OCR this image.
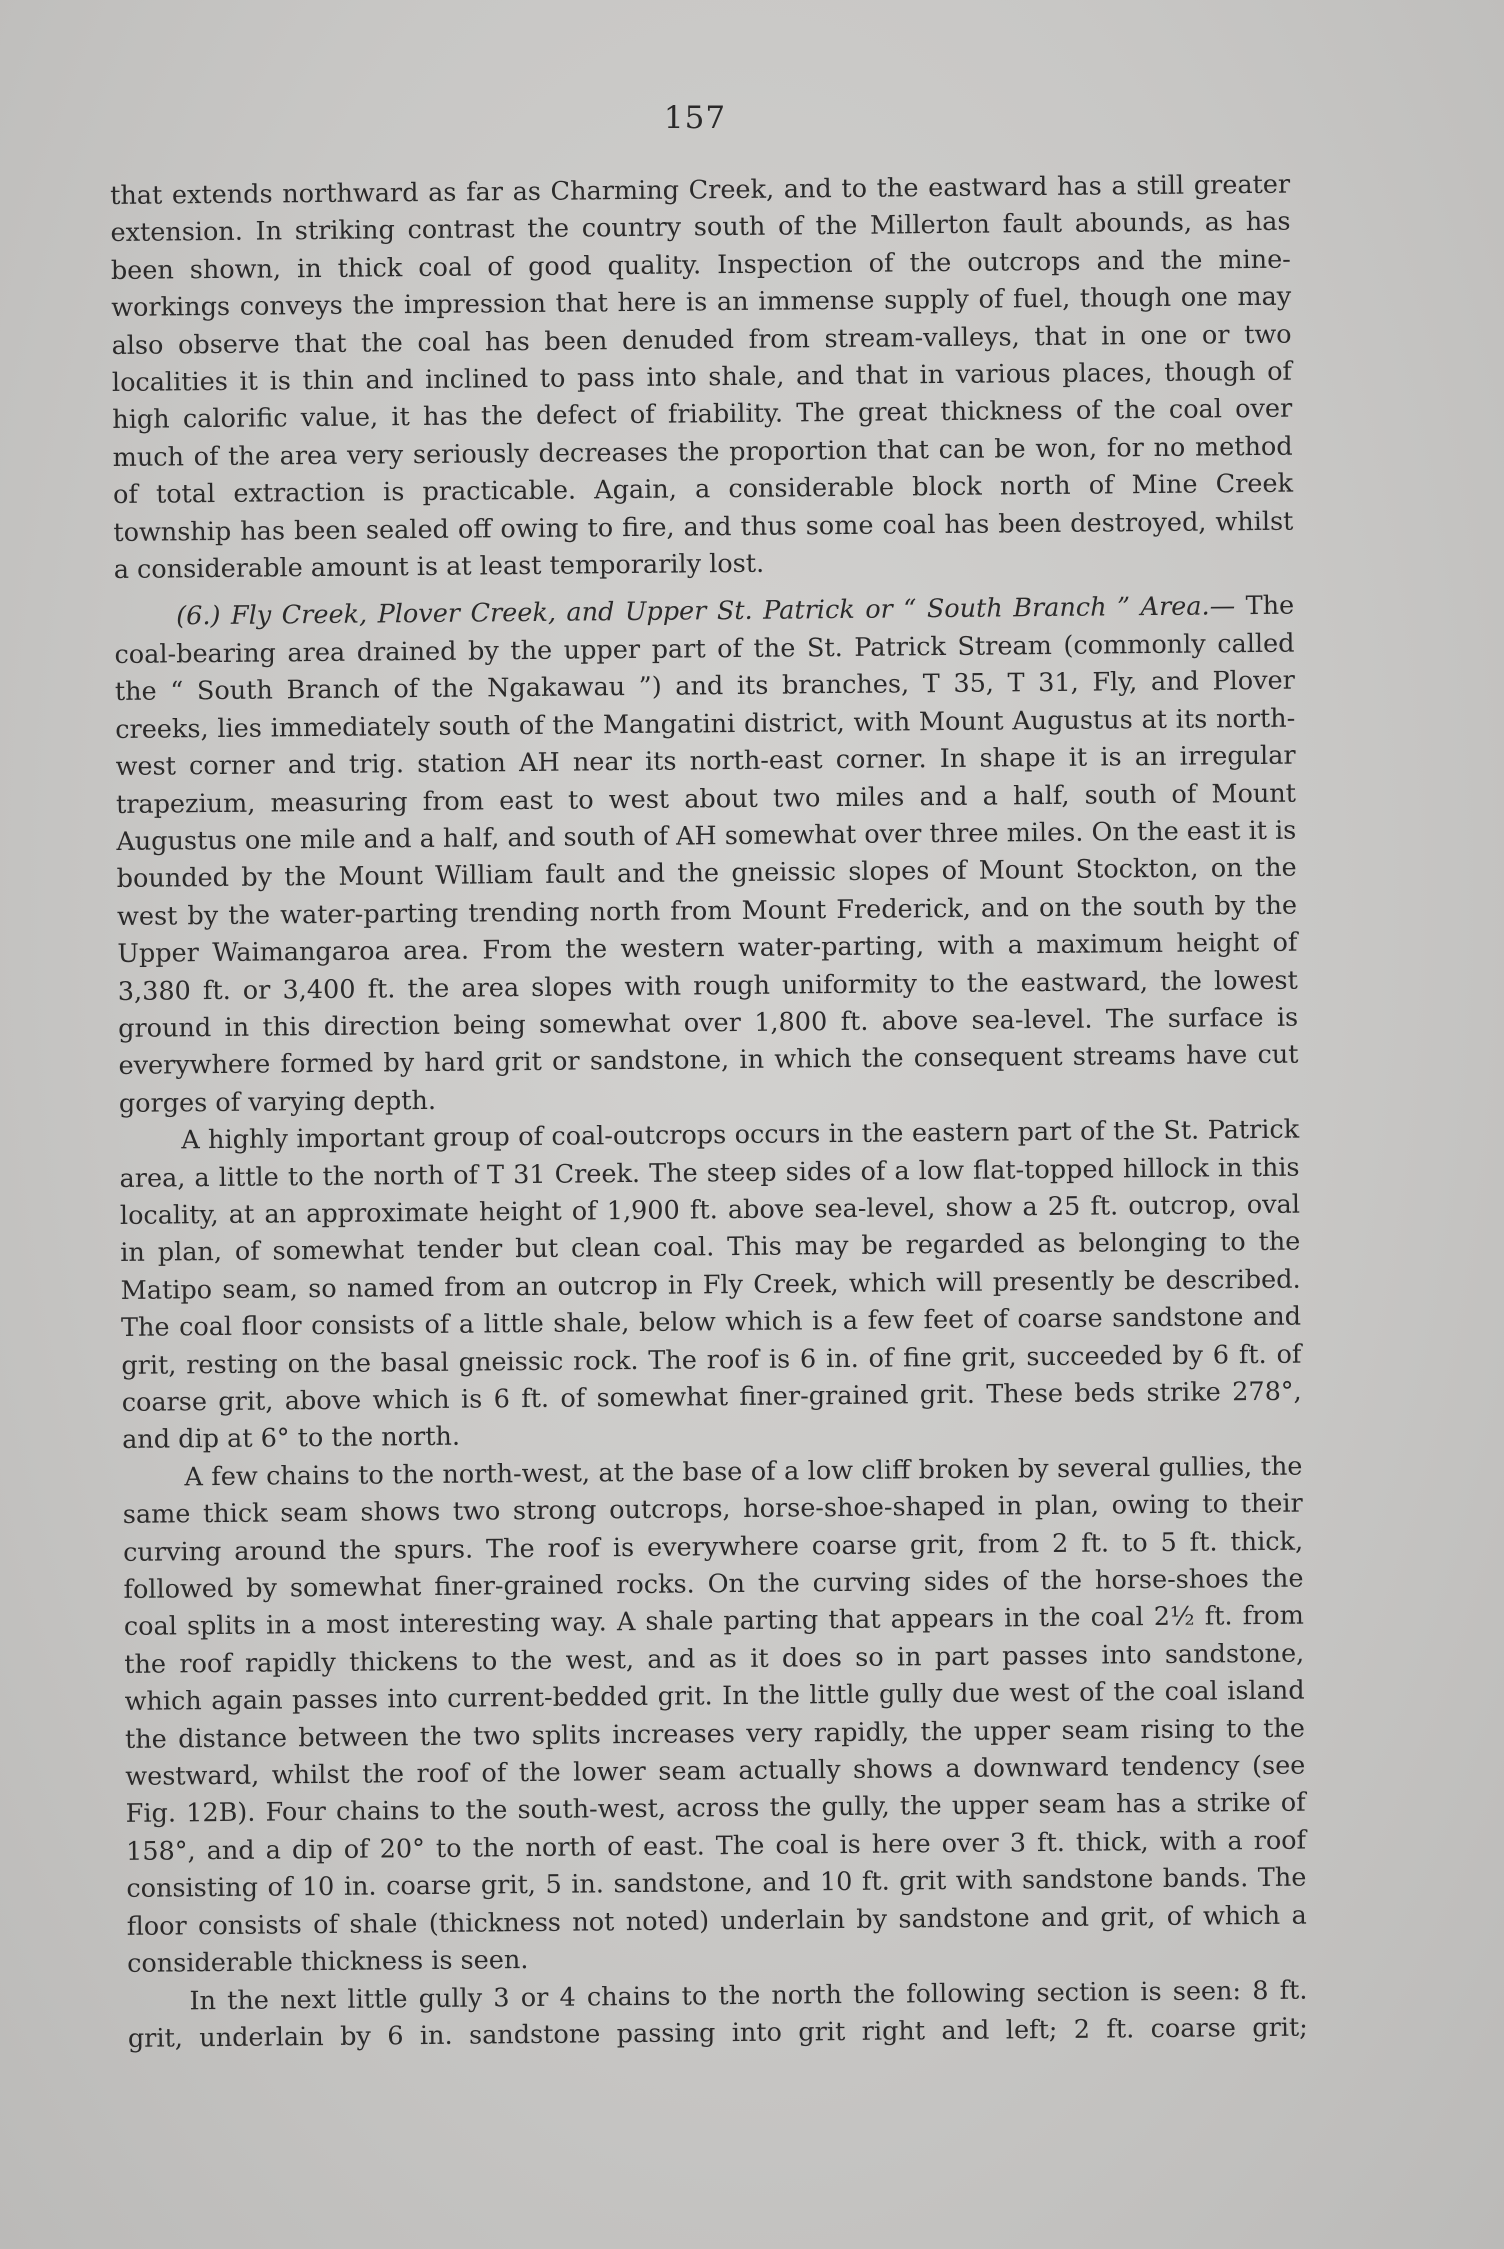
157

that extends northward as far as Charming Creek, and to the eastward has a still greater extension. In striking contrast the country south of the Millerton fault abounds, as has been shown, in thick coal of good quality. Inspection of the outcrops and the mine-workings conveys the impression that here is an immense supply of fuel, though one may also observe that the coal has been denuded from stream-valleys, that in one or two localities it is thin and inclined to pass into shale, and that in various places, though of high calorific value, it has the defect of friability. The great thickness of the coal over much of the area very seriously decreases the proportion that can be won, for no method of total extraction is practicable. Again, a considerable block north of Mine Creek township has been sealed off owing to fire, and thus some coal has been destroyed, whilst a considerable amount is at least temporarily lost.

(6.) Fly Creek, Plover Creek, and Upper St. Patrick or “ South Branch ” Area.— The coal-bearing area drained by the upper part of the St. Patrick Stream (commonly called the “ South Branch of the Ngakawau ”) and its branches, T 35, T 31, Fly, and Plover creeks, lies immediately south of the Mangatini district, with Mount Augustus at its north-west corner and trig. station AH near its north-east corner. In shape it is an irregular trapezium, measuring from east to west about two miles and a half, south of Mount Augustus one mile and a half, and south of AH somewhat over three miles. On the east it is bounded by the Mount William fault and the gneissic slopes of Mount Stockton, on the west by the water-parting trending north from Mount Frederick, and on the south by the Upper Waimangaroa area. From the western water-parting, with a maximum height of 3,380 ft. or 3,400 ft. the area slopes with rough uniformity to the eastward, the lowest ground in this direction being somewhat over 1,800 ft. above sea-level. The surface is everywhere formed by hard grit or sandstone, in which the consequent streams have cut gorges of varying depth.

A highly important group of coal-outcrops occurs in the eastern part of the St. Patrick area, a little to the north of T 31 Creek. The steep sides of a low flat-topped hillock in this locality, at an approximate height of 1,900 ft. above sea-level, show a 25 ft. outcrop, oval in plan, of somewhat tender but clean coal. This may be regarded as belonging to the Matipo seam, so named from an outcrop in Fly Creek, which will presently be described. The coal floor consists of a little shale, below which is a few feet of coarse sandstone and grit, resting on the basal gneissic rock. The roof is 6 in. of fine grit, succeeded by 6 ft. of coarse grit, above which is 6 ft. of somewhat finer-grained grit. These beds strike 278°, and dip at 6° to the north.

A few chains to the north-west, at the base of a low cliff broken by several gullies, the same thick seam shows two strong outcrops, horse-shoe-shaped in plan, owing to their curving around the spurs. The roof is everywhere coarse grit, from 2 ft. to 5 ft. thick, followed by somewhat finer-grained rocks. On the curving sides of the horse-shoes the coal splits in a most interesting way. A shale parting that appears in the coal 2½ ft. from the roof rapidly thickens to the west, and as it does so in part passes into sandstone, which again passes into current-bedded grit. In the little gully due west of the coal island the distance between the two splits increases very rapidly, the upper seam rising to the westward, whilst the roof of the lower seam actually shows a downward tendency (see Fig. 12B). Four chains to the south-west, across the gully, the upper seam has a strike of 158°, and a dip of 20° to the north of east. The coal is here over 3 ft. thick, with a roof consisting of 10 in. coarse grit, 5 in. sandstone, and 10 ft. grit with sandstone bands. The floor consists of shale (thickness not noted) underlain by sandstone and grit, of which a considerable thickness is seen.

In the next little gully 3 or 4 chains to the north the following section is seen: 8 ft. grit, underlain by 6 in. sandstone passing into grit right and left; 2 ft. coarse grit;
